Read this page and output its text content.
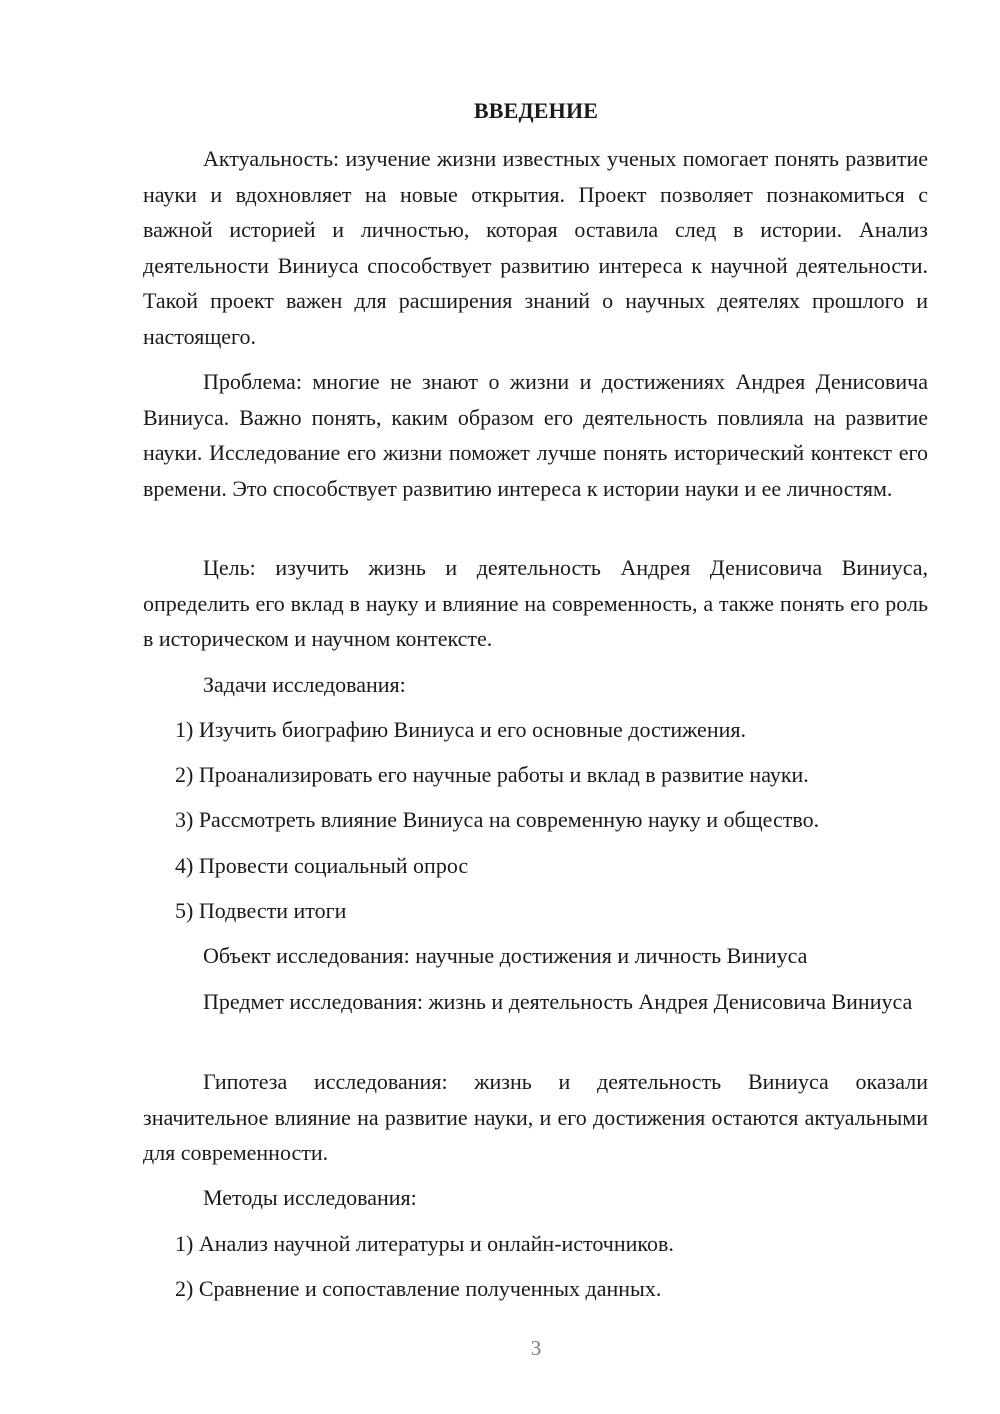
ВВЕДЕНИЕ
Актуальность: изучение жизни известных ученых помогает понять развитие науки и вдохновляет на новые открытия. Проект позволяет познакомиться с важной историей и личностью, которая оставила след в истории. Анализ деятельности Виниуса способствует развитию интереса к научной деятельности. Такой проект важен для расширения знаний о научных деятелях прошлого и настоящего.
Проблема: многие не знают о жизни и достижениях Андрея Денисовича Виниуса. Важно понять, каким образом его деятельность повлияла на развитие науки. Исследование его жизни поможет лучше понять исторический контекст его времени. Это способствует развитию интереса к истории науки и ее личностям.
Цель: изучить жизнь и деятельность Андрея Денисовича Виниуса, определить его вклад в науку и влияние на современность, а также понять его роль в историческом и научном контексте.
Задачи исследования:
1) Изучить биографию Виниуса и его основные достижения.
2) Проанализировать его научные работы и вклад в развитие науки.
3) Рассмотреть влияние Виниуса на современную науку и общество.
4) Провести социальный опрос
5) Подвести итоги
Объект исследования: научные достижения и личность Виниуса
Предмет исследования: жизнь и деятельность Андрея Денисовича Виниуса
Гипотеза исследования: жизнь и деятельность Виниуса оказали значительное влияние на развитие науки, и его достижения остаются актуальными для современности.
Методы исследования:
1) Анализ научной литературы и онлайн-источников.
2) Сравнение и сопоставление полученных данных.
3
